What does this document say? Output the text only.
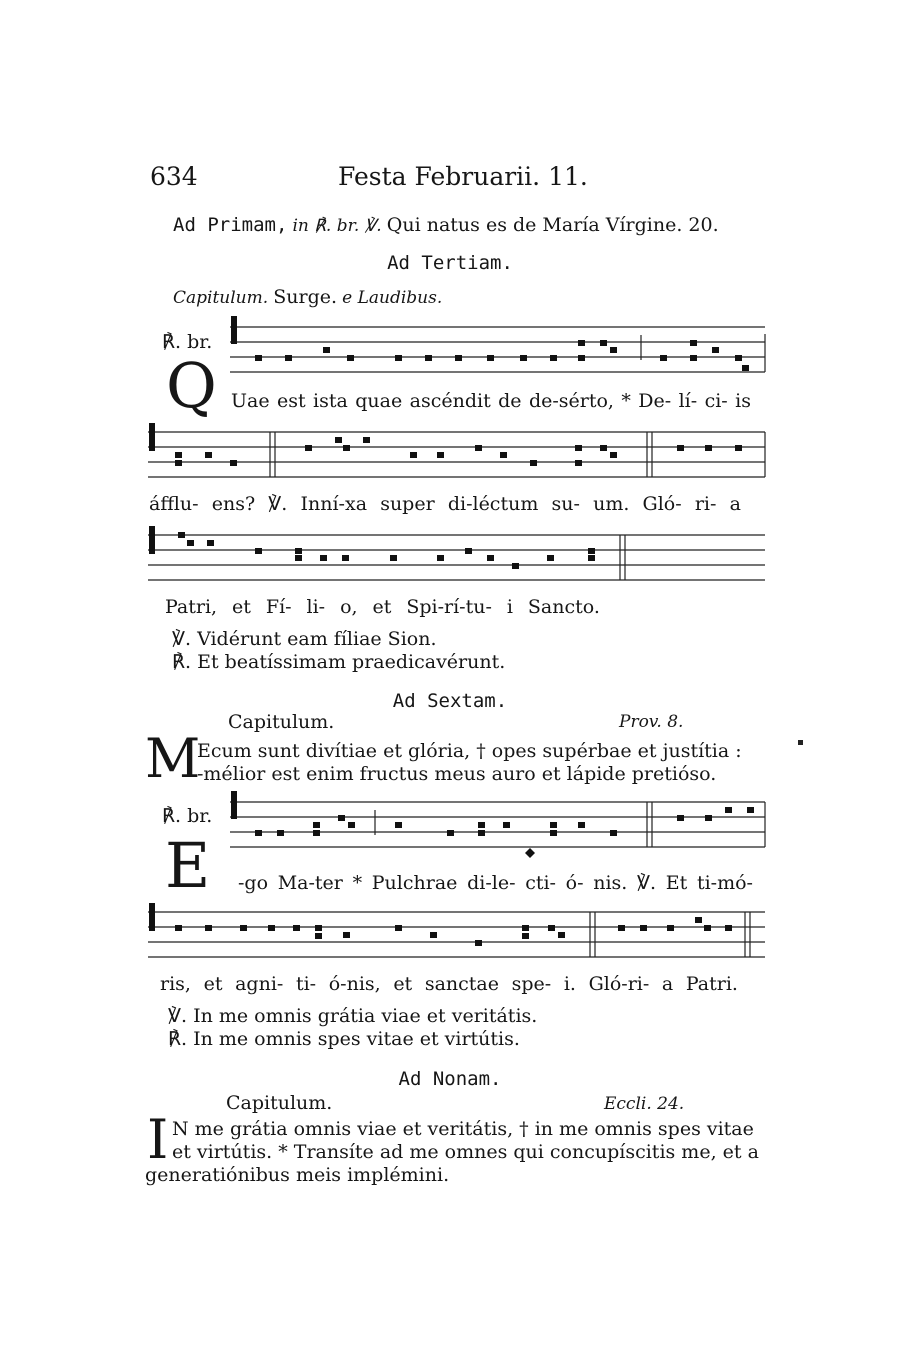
634	Festa Februarii. 11.
Ad Primam, in ℟. br. ℣. Qui natus es de María Vírgine. 20.
Ad Tertiam.
Capitulum. Surge. e Laudibus.
℟. br.
Q Uae est ista quae ascéndit de de-sérto, * De- lí- ci- is
áfflu- ens? ℣. Inní-xa super di-léctum su- um. Gló- ri- a
Patri, et Fí- li- o, et Spi-rí-tu- i Sancto.
℣. Vidérunt eam fíliae Sion.
℟. Et beatíssimam praedicavérunt.
Ad Sextam.
Capitulum.	Prov. 8.
M
Ecum sunt divítiae et glória, † opes supérbae et justítia :
-mélior est enim fructus meus auro et lápide pretióso.
℟. br.
E -go Ma-ter * Pulchrae di-le- cti- ó- nis. ℣. Et ti-mó-
ris, et agni- ti- ó-nis, et sanctae spe- i. Gló-ri- a Patri.
℣. In me omnis grátia viae et veritátis.
℟. In me omnis spes vitae et virtútis.
Ad Nonam.
Capitulum.	Eccli. 24.
I N me grátia omnis viae et veritátis, † in me omnis spes vitae
et virtútis. * Transíte ad me omnes qui concupíscitis me, et a
generatiónibus meis implémini.
